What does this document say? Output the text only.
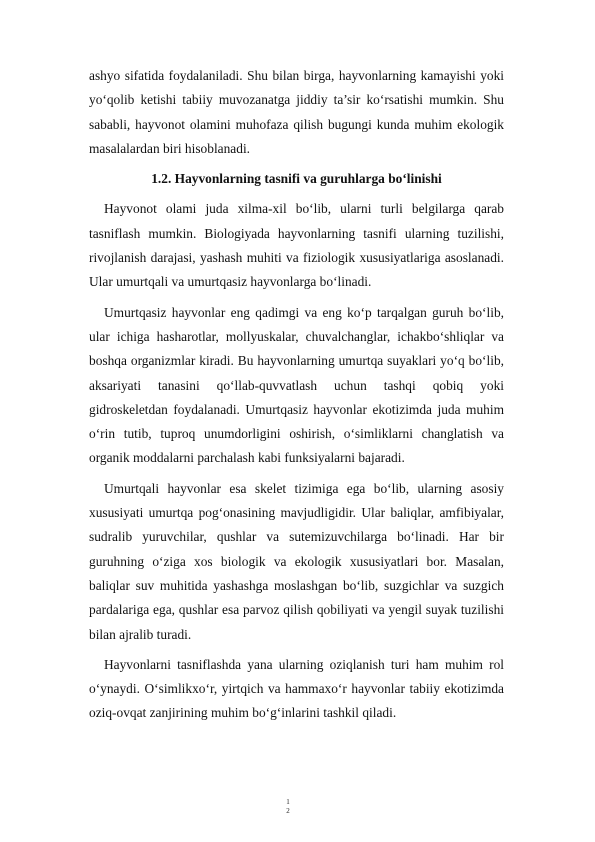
ashyo sifatida foydalaniladi. Shu bilan birga, hayvonlarning kamayishi yoki yo‘qolib ketishi tabiiy muvozanatga jiddiy ta’sir ko‘rsatishi mumkin. Shu sababli, hayvonot olamini muhofaza qilish bugungi kunda muhim ekologik masalalardan biri hisoblanadi.

1.2. Hayvonlarning tasnifi va guruhlarga bo‘linishi

Hayvonot olami juda xilma-xil bo‘lib, ularni turli belgilarga qarab tasniflash mumkin. Biologiyada hayvonlarning tasnifi ularning tuzilishi, rivojlanish darajasi, yashash muhiti va fiziologik xususiyatlariga asoslanadi. Ular umurtqali va umurtqasiz hayvonlarga bo‘linadi.

Umurtqasiz hayvonlar eng qadimgi va eng ko‘p tarqalgan guruh bo‘lib, ular ichiga hasharotlar, mollyuskalar, chuvalchanglar, ichakbo‘shliqlar va boshqa organizmlar kiradi. Bu hayvonlarning umurtqa suyaklari yo‘q bo‘lib, aksariyati tanasini qo‘llab-quvvatlash uchun tashqi qobiq yoki gidroskeletdan foydalanadi. Umurtqasiz hayvonlar ekotizimda juda muhim o‘rin tutib, tuproq unumdorligini oshirish, o‘simliklarni changlatish va organik moddalarni parchalash kabi funksiyalarni bajaradi.

Umurtqali hayvonlar esa skelet tizimiga ega bo‘lib, ularning asosiy xususiyati umurtqa pog‘onasining mavjudligidir. Ular baliqlar, amfibiyalar, sudralib yuruvchilar, qushlar va sutemizuvchilarga bo‘linadi. Har bir guruhning o‘ziga xos biologik va ekologik xususiyatlari bor. Masalan, baliqlar suv muhitida yashashga moslashgan bo‘lib, suzgichlar va suzgich pardalariga ega, qushlar esa parvoz qilish qobiliyati va yengil suyak tuzilishi bilan ajralib turadi.

Hayvonlarni tasniflashda yana ularning oziqlanish turi ham muhim rol o‘ynaydi. O‘simlikxo‘r, yirtqich va hammaxo‘r hayvonlar tabiiy ekotizimda oziq-ovqat zanjirining muhim bo‘g‘inlarini tashkil qiladi.

1
2
